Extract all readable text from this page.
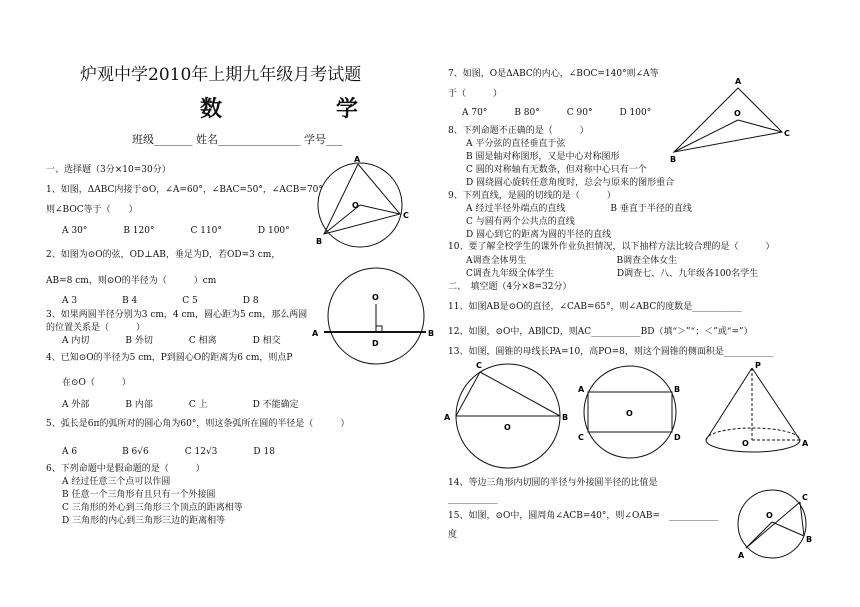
炉观中学2010年上期九年级月考试题
数　学
班级_______ 姓名_______________ 学号___
一、选择题（3分×10=30分）
1、如图，ΔABC内接于⊙O，∠A=60°，∠BAC=50°，∠ACB=70°
则∠BOC等于（　　）
A 30°　　　　B 120°　　　　C 110°　　　　D 100°
2、如图为⊙O的弦，OD⊥AB，垂足为D，若OD=3 cm，
AB=8 cm，则⊙O的半径为（　　　）cm
A 3　　　　　B 4　　　　　C 5　　　　　D 8
3、如果两圆半径分别为3 cm，4 cm，圆心距为5 cm，那么两圆
的位置关系是（　　　）
A 内切　　　　B 外切　　　　C 相离　　　　D 相交
4、已知⊙O的半径为5 cm，P到圆心O的距离为6 cm，则点P
在⊙O（　　　）
A 外部　　　　B 内部　　　　C 上　　　　　D 不能确定
5、弧长是6π的弧所对的圆心角为60°，则这条弧所在圆的半径是（　　　）
A 6　　　　　B 6√6　　　　C 12√3　　　　D 18
6、下列命题中是假命题的是（　　　）
A 经过任意三个点可以作圆
B 任意一个三角形有且只有一个外接圆
C 三角形的外心到三角形三个顶点的距离相等
D 三角形的内心到三角形三边的距离相等
7、如图，O是ΔABC的内心，∠BOC=140°则∠A等
于（　　　）
A 70°　　　B 80°　　　C 90°　　　D 100°
8、下列命题不正确的是（　　　）
A 平分弦的直径垂直于弦
B 圆是轴对称图形，又是中心对称图形
C 圆的对称轴有无数条，但对称中心只有一个
D 圆绕圆心旋转任意角度时，总会与原来的图形重合
9、下列直线，是圆的切线的是（　　　）
A 经过半径外端点的直线　　　　　B 垂直于半径的直线
C 与圆有两个公共点的直线
D 圆心到它的距离为圆的半径的直线
10、要了解全校学生的课外作业负担情况，以下抽样方法比较合理的是（　　　）
A调查全体男生　　　　　　　　　　B调查全体女生
C调查九年级全体学生　　　　　　　D调查七、八、九年级各100名学生
二、　填空题（4分×8=32分）
11、如图AB是⊙O的直径，∠CAB=65°，则∠ABC的度数是___________
12、如图，⊙O中，AB∥CD，则AC___________BD（填“＞”“；＜”或“=”）
13、如图，圆锥的母线长PA=10，高PO=8，则这个圆锥的侧面积是___________
14、等边三角形内切圆的半径与外接圆半径的比值是
___________
15、如图，⊙O中，圆周角∠ACB=40°，则∠OAB=　___________
度
A
O
B
C
O
D
A	B
A
O
B
C
C
A	B
O
A	B
C	D
O
P
O	A
C
O
A
B
